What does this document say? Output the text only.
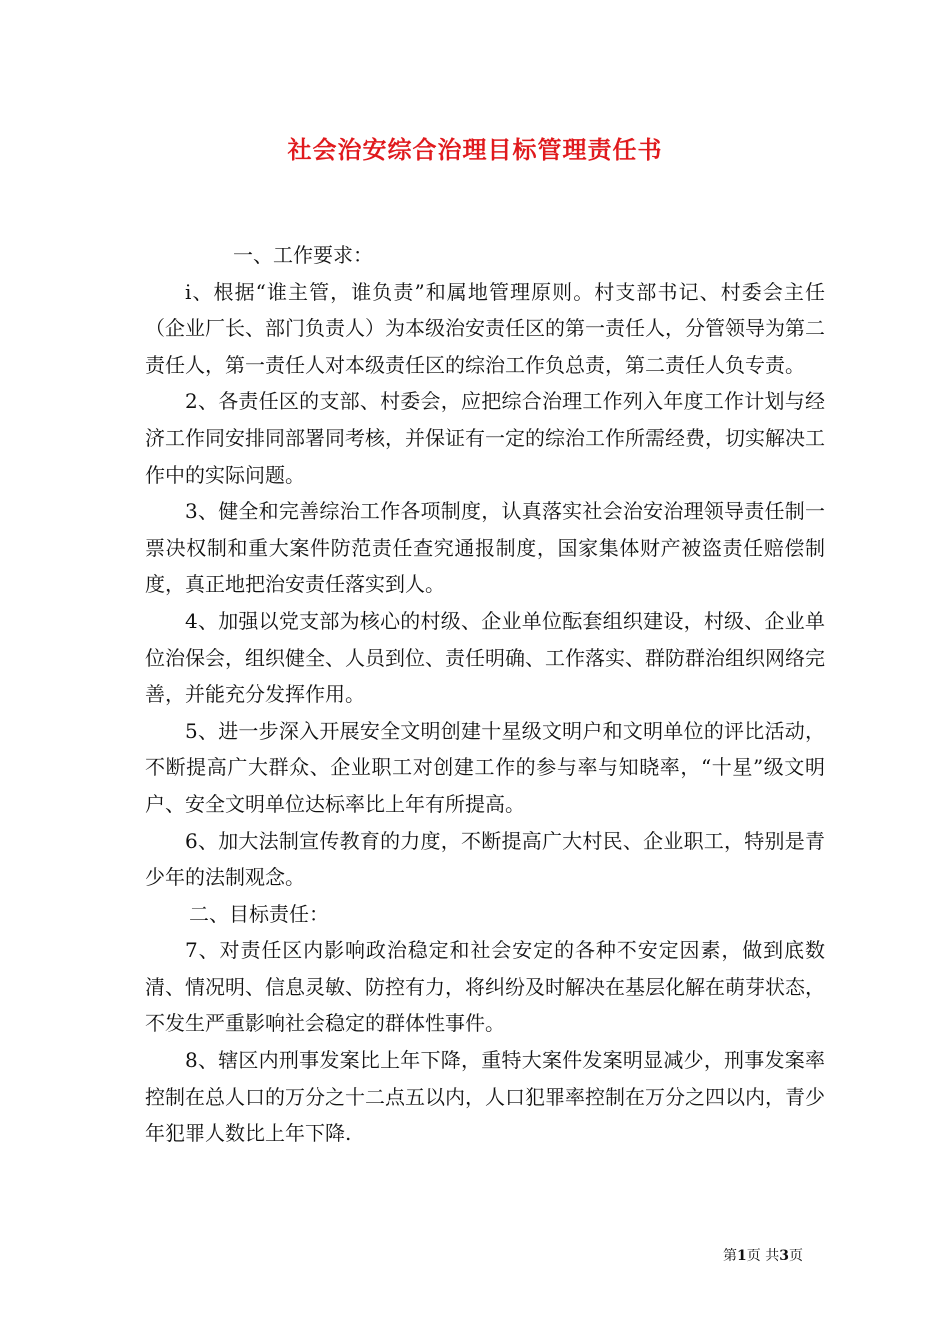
社会治安综合治理目标管理责任书

一、工作要求：

i、根据“谁主管，谁负责”和属地管理原则。村支部书记、村委会主任（企业厂长、部门负责人）为本级治安责任区的第一责任人，分管领导为第二责任人，第一责任人对本级责任区的综治工作负总责，第二责任人负专责。

2、各责任区的支部、村委会，应把综合治理工作列入年度工作计划与经济工作同安排同部署同考核，并保证有一定的综治工作所需经费，切实解决工作中的实际问题。

3、健全和完善综治工作各项制度，认真落实社会治安治理领导责任制一票决权制和重大案件防范责任查究通报制度，国家集体财产被盗责任赔偿制度，真正地把治安责任落实到人。

4、加强以党支部为核心的村级、企业单位酝套组织建设，村级、企业单位治保会，组织健全、人员到位、责任明确、工作落实、群防群治组织网络完善，并能充分发挥作用。

5、进一步深入开展安全文明创建十星级文明户和文明单位的评比活动，不断提高广大群众、企业职工对创建工作的参与率与知晓率，“十星”级文明户、安全文明单位达标率比上年有所提高。

6、加大法制宣传教育的力度，不断提高广大村民、企业职工，特别是青少年的法制观念。

二、目标责任：

7、对责任区内影响政治稳定和社会安定的各种不安定因素，做到底数清、情况明、信息灵敏、防控有力，将纠纷及时解决在基层化解在萌芽状态，不发生严重影响社会稳定的群体性事件。

8、辖区内刑事发案比上年下降，重特大案件发案明显减少，刑事发案率控制在总人口的万分之十二点五以内，人口犯罪率控制在万分之四以内，青少年犯罪人数比上年下降.

第1页 共3页
